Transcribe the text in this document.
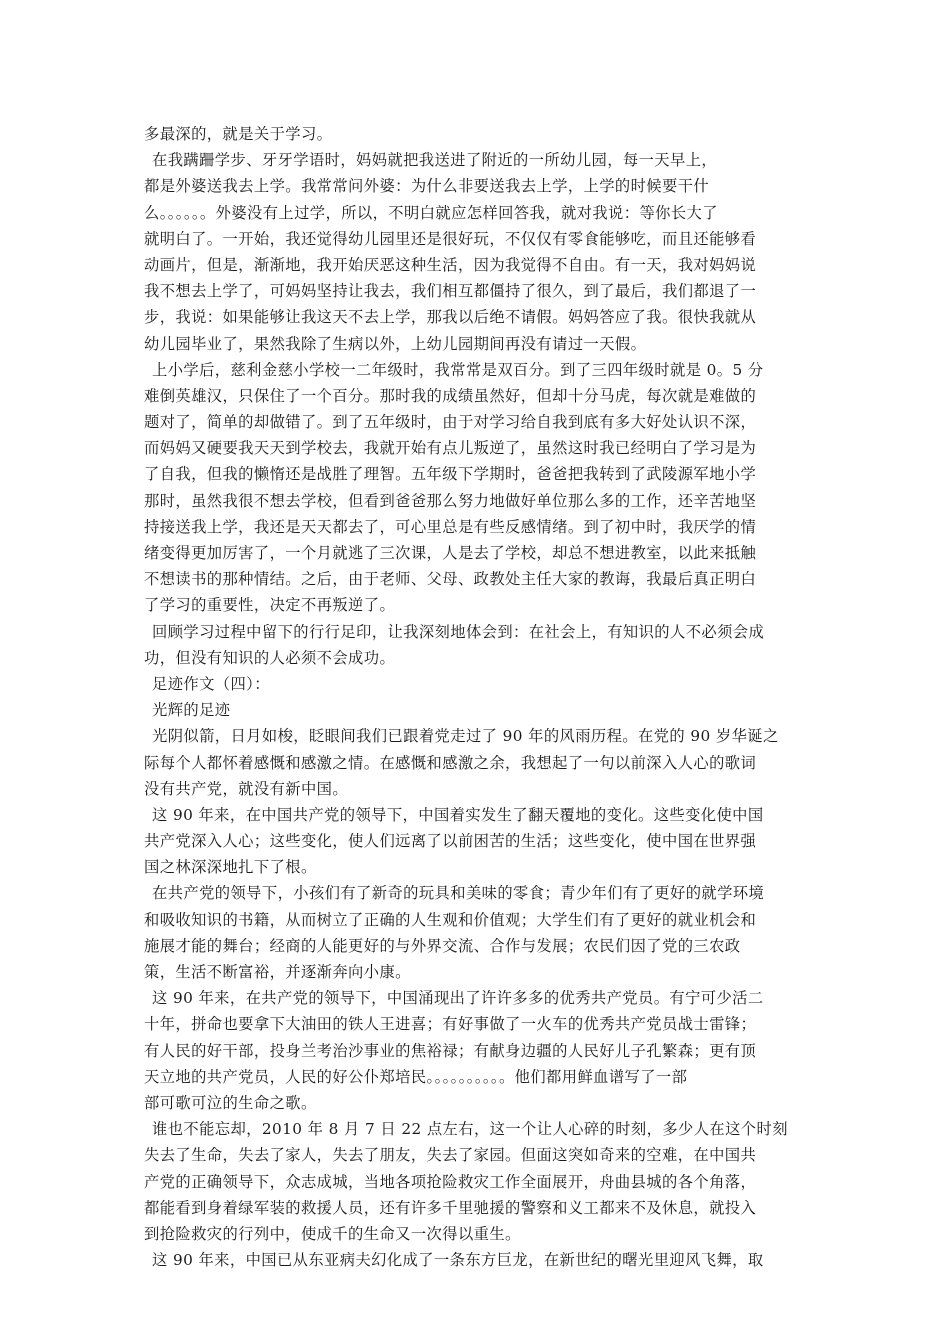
多最深的，就是关于学习。
在我蹒跚学步、牙牙学语时，妈妈就把我送进了附近的一所幼儿园，每一天早上，
都是外婆送我去上学。我常常问外婆：为什么非要送我去上学，上学的时候要干什
么。。。。。。外婆没有上过学，所以，不明白就应怎样回答我，就对我说：等你长大了
就明白了。一开始，我还觉得幼儿园里还是很好玩，不仅仅有零食能够吃，而且还能够看
动画片，但是，渐渐地，我开始厌恶这种生活，因为我觉得不自由。有一天，我对妈妈说
我不想去上学了，可妈妈坚持让我去，我们相互都僵持了很久，到了最后，我们都退了一
步，我说：如果能够让我这天不去上学，那我以后绝不请假。妈妈答应了我。很快我就从
幼儿园毕业了，果然我除了生病以外，上幼儿园期间再没有请过一天假。
上小学后，慈利金慈小学校一二年级时，我常常是双百分。到了三四年级时就是 0。5 分
难倒英雄汉，只保住了一个百分。那时我的成绩虽然好，但却十分马虎，每次就是难做的
题对了，简单的却做错了。到了五年级时，由于对学习给自我到底有多大好处认识不深，
而妈妈又硬要我天天到学校去，我就开始有点儿叛逆了，虽然这时我已经明白了学习是为
了自我，但我的懒惰还是战胜了理智。五年级下学期时，爸爸把我转到了武陵源军地小学
那时，虽然我很不想去学校，但看到爸爸那么努力地做好单位那么多的工作，还辛苦地坚
持接送我上学，我还是天天都去了，可心里总是有些反感情绪。到了初中时，我厌学的情
绪变得更加厉害了，一个月就逃了三次课，人是去了学校，却总不想进教室，以此来抵触
不想读书的那种情结。之后，由于老师、父母、政教处主任大家的教诲，我最后真正明白
了学习的重要性，决定不再叛逆了。
回顾学习过程中留下的行行足印，让我深刻地体会到：在社会上，有知识的人不必须会成
功，但没有知识的人必须不会成功。
足迹作文（四）：
光辉的足迹
光阴似箭，日月如梭，眨眼间我们已跟着党走过了 90 年的风雨历程。在党的 90 岁华诞之
际每个人都怀着感慨和感激之情。在感慨和感激之余，我想起了一句以前深入人心的歌词
没有共产党，就没有新中国。
这 90 年来，在中国共产党的领导下，中国着实发生了翻天覆地的变化。这些变化使中国
共产党深入人心；这些变化，使人们远离了以前困苦的生活；这些变化，使中国在世界强
国之林深深地扎下了根。
在共产党的领导下，小孩们有了新奇的玩具和美味的零食；青少年们有了更好的就学环境
和吸收知识的书籍，从而树立了正确的人生观和价值观；大学生们有了更好的就业机会和
施展才能的舞台；经商的人能更好的与外界交流、合作与发展；农民们因了党的三农政
策，生活不断富裕，并逐渐奔向小康。
这 90 年来，在共产党的领导下，中国涌现出了许许多多的优秀共产党员。有宁可少活二
十年，拼命也要拿下大油田的铁人王进喜；有好事做了一火车的优秀共产党员战士雷锋；
有人民的好干部，投身兰考治沙事业的焦裕禄；有献身边疆的人民好儿子孔繁森；更有顶
天立地的共产党员，人民的好公仆郑培民。。。。。。。。。。他们都用鲜血谱写了一部
部可歌可泣的生命之歌。
谁也不能忘却，2010 年 8 月 7 日 22 点左右，这一个让人心碎的时刻，多少人在这个时刻
失去了生命，失去了家人，失去了朋友，失去了家园。但面这突如奇来的空难，在中国共
产党的正确领导下，众志成城，当地各项抢险救灾工作全面展开，舟曲县城的各个角落，
都能看到身着绿军装的救援人员，还有许多千里驰援的警察和义工都来不及休息，就投入
到抢险救灾的行列中，使成千的生命又一次得以重生。
这 90 年来，中国已从东亚病夫幻化成了一条东方巨龙，在新世纪的曙光里迎风飞舞，取
